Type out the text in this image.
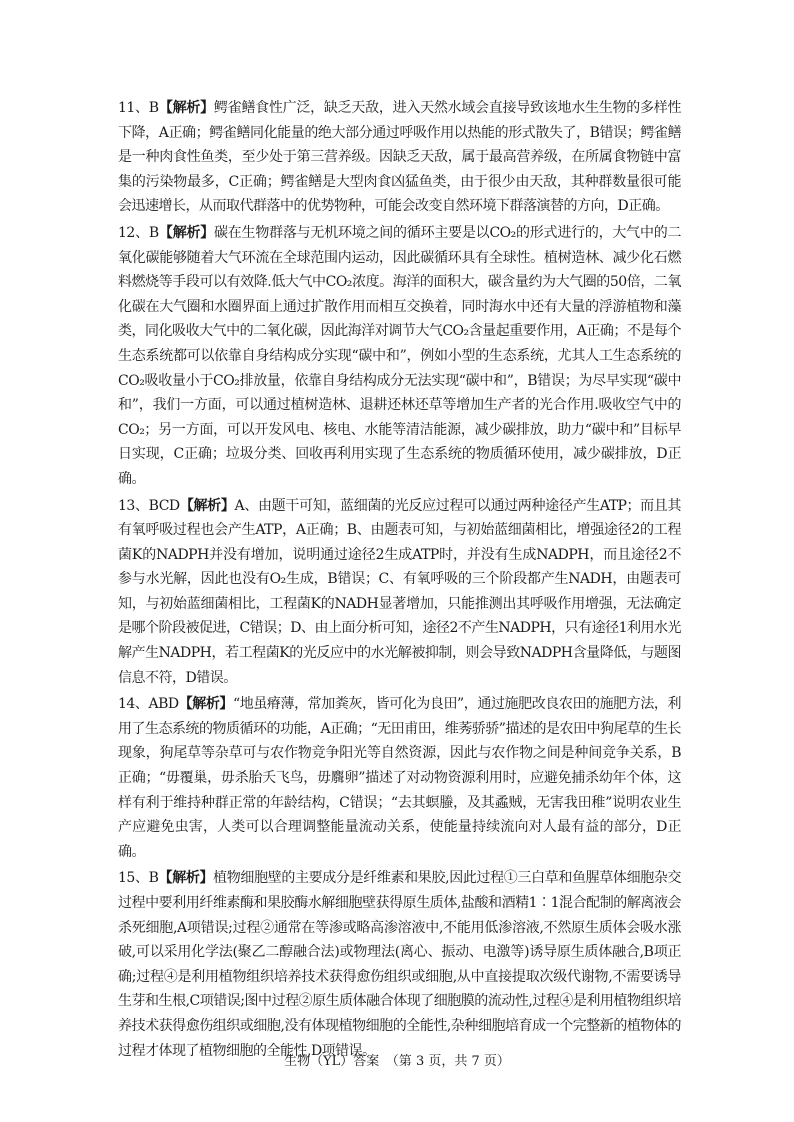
11、B【解析】鳄雀鳝食性广泛，缺乏天敌，进入天然水域会直接导致该地水生生物的多样性下降，A正确；鳄雀鳝同化能量的绝大部分通过呼吸作用以热能的形式散失了，B错误；鳄雀鳝是一种肉食性鱼类，至少处于第三营养级。因缺乏天敌，属于最高营养级，在所属食物链中富集的污染物最多，C正确；鳄雀鳝是大型肉食凶猛鱼类，由于很少由天敌，其种群数量很可能会迅速增长，从而取代群落中的优势物种，可能会改变自然环境下群落演替的方向，D正确。

12、B【解析】碳在生物群落与无机环境之间的循环主要是以CO₂的形式进行的，大气中的二氧化碳能够随着大气环流在全球范围内运动，因此碳循环具有全球性。植树造林、减少化石燃料燃烧等手段可以有效降.低大气中CO₂浓度。海洋的面积大，碳含量约为大气圈的50倍，二氧化碳在大气圈和水圈界面上通过扩散作用而相互交换着，同时海水中还有大量的浮游植物和藻类，同化吸收大气中的二氧化碳，因此海洋对调节大气CO₂含量起重要作用，A正确；不是每个生态系统都可以依靠自身结构成分实现“碳中和”，例如小型的生态系统，尤其人工生态系统的CO₂吸收量小于CO₂排放量，依靠自身结构成分无法实现“碳中和”，B错误；为尽早实现“碳中和”，我们一方面，可以通过植树造林、退耕还林还草等增加生产者的光合作用.吸收空气中的CO₂；另一方面，可以开发风电、核电、水能等清洁能源，减少碳排放，助力“碳中和”目标早日实现，C正确；垃圾分类、回收再利用实现了生态系统的物质循环使用，减少碳排放，D正确。

13、BCD【解析】A、由题干可知，蓝细菌的光反应过程可以通过两种途径产生ATP；而且其有氧呼吸过程也会产生ATP，A正确；B、由题表可知，与初始蓝细菌相比，增强途径2的工程菌K的NADPH并没有增加，说明通过途径2生成ATP时，并没有生成NADPH，而且途径2不参与水光解，因此也没有O₂生成，B错误；C、有氧呼吸的三个阶段都产生NADH，由题表可知，与初始蓝细菌相比，工程菌K的NADH显著增加，只能推测出其呼吸作用增强，无法确定是哪个阶段被促进，C错误；D、由上面分析可知，途径2不产生NADPH，只有途径1利用水光解产生NADPH，若工程菌K的光反应中的水光解被抑制，则会导致NADPH含量降低，与题图信息不符，D错误。

14、ABD【解析】“地虽瘠薄，常加粪灰，皆可化为良田”，通过施肥改良农田的施肥方法，利用了生态系统的物质循环的功能，A正确；“无田甫田，维莠骄骄”描述的是农田中狗尾草的生长现象，狗尾草等杂草可与农作物竞争阳光等自然资源，因此与农作物之间是种间竞争关系，B正确；“毋覆巢，毋杀胎夭飞鸟，毋麛卵”描述了对动物资源利用时，应避免捕杀幼年个体，这样有利于维持种群正常的年龄结构，C错误；“去其螟螣，及其蟊贼，无害我田稚”说明农业生产应避免虫害，人类可以合理调整能量流动关系，使能量持续流向对人最有益的部分，D正确。

15、B【解析】植物细胞壁的主要成分是纤维素和果胶,因此过程①三白草和鱼腥草体细胞杂交过程中要利用纤维素酶和果胶酶水解细胞壁获得原生质体,盐酸和酒精1∶1混合配制的解离液会杀死细胞,A项错误;过程②通常在等渗或略高渗溶液中,不能用低渗溶液,不然原生质体会吸水涨破,可以采用化学法(聚乙二醇融合法)或物理法(离心、振动、电激等)诱导原生质体融合,B项正确;过程④是利用植物组织培养技术获得愈伤组织或细胞,从中直接提取次级代谢物,不需要诱导生芽和生根,C项错误;图中过程②原生质体融合体现了细胞膜的流动性,过程④是利用植物组织培养技术获得愈伤组织或细胞,没有体现植物细胞的全能性,杂种细胞培育成一个完整新的植物体的过程才体现了植物细胞的全能性,D项错误。

生物（YL）答案　（第 3 页，共 7 页）
